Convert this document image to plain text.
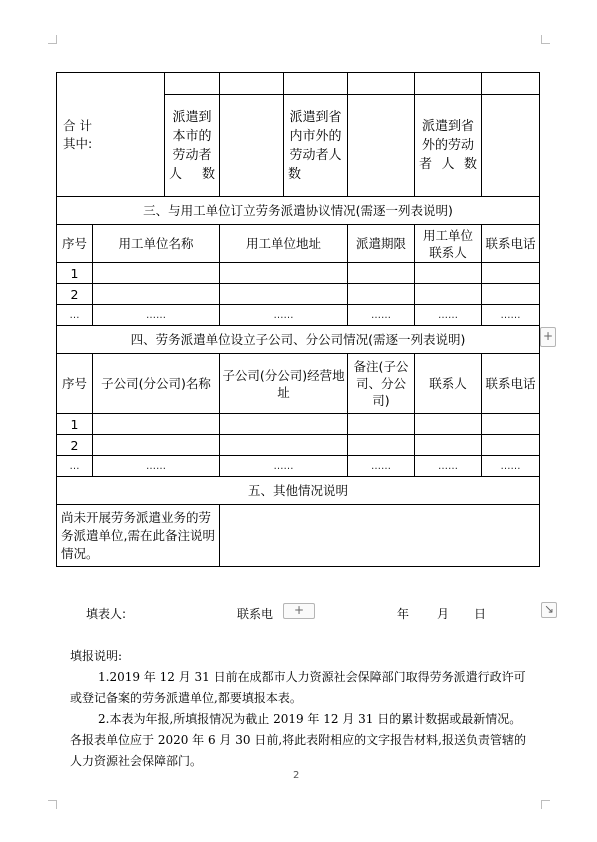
合 计
其中:							

		派遣到本市的劳动者人数		派遣到省内市外的劳动者人数		派遣到省外的劳动者人数	
三、与用工单位订立劳务派遣协议情况(需逐一列表说明)							
序号	用工单位名称		用工单位地址		派遣期限	用工单位联系人	联系电话
1							
2							
…	……		……		……	……	……
四、劳务派遣单位设立子公司、分公司情况(需逐一列表说明)							
序号	子公司(分公司)名称		子公司(分公司)经营地址		备注(子公司、分公司)	联系人	联系电话
1							
2							
…	……		……		……	……	……
五、其他情况说明							
尚未开展劳务派遣业务的劳务派遣单位,需在此备注说明情况。							
填表人:	联系电	+	年 月 日
+
↘

填报说明:

1.2019 年 12 月 31 日前在成都市人力资源社会保障部门取得劳务派遣行政许可或登记备案的劳务派遣单位,都要填报本表。

2.本表为年报,所填报情况为截止 2019 年 12 月 31 日的累计数据或最新情况。各报表单位应于 2020 年 6 月 30 日前,将此表附相应的文字报告材料,报送负责管辖的人力资源社会保障部门。

2
